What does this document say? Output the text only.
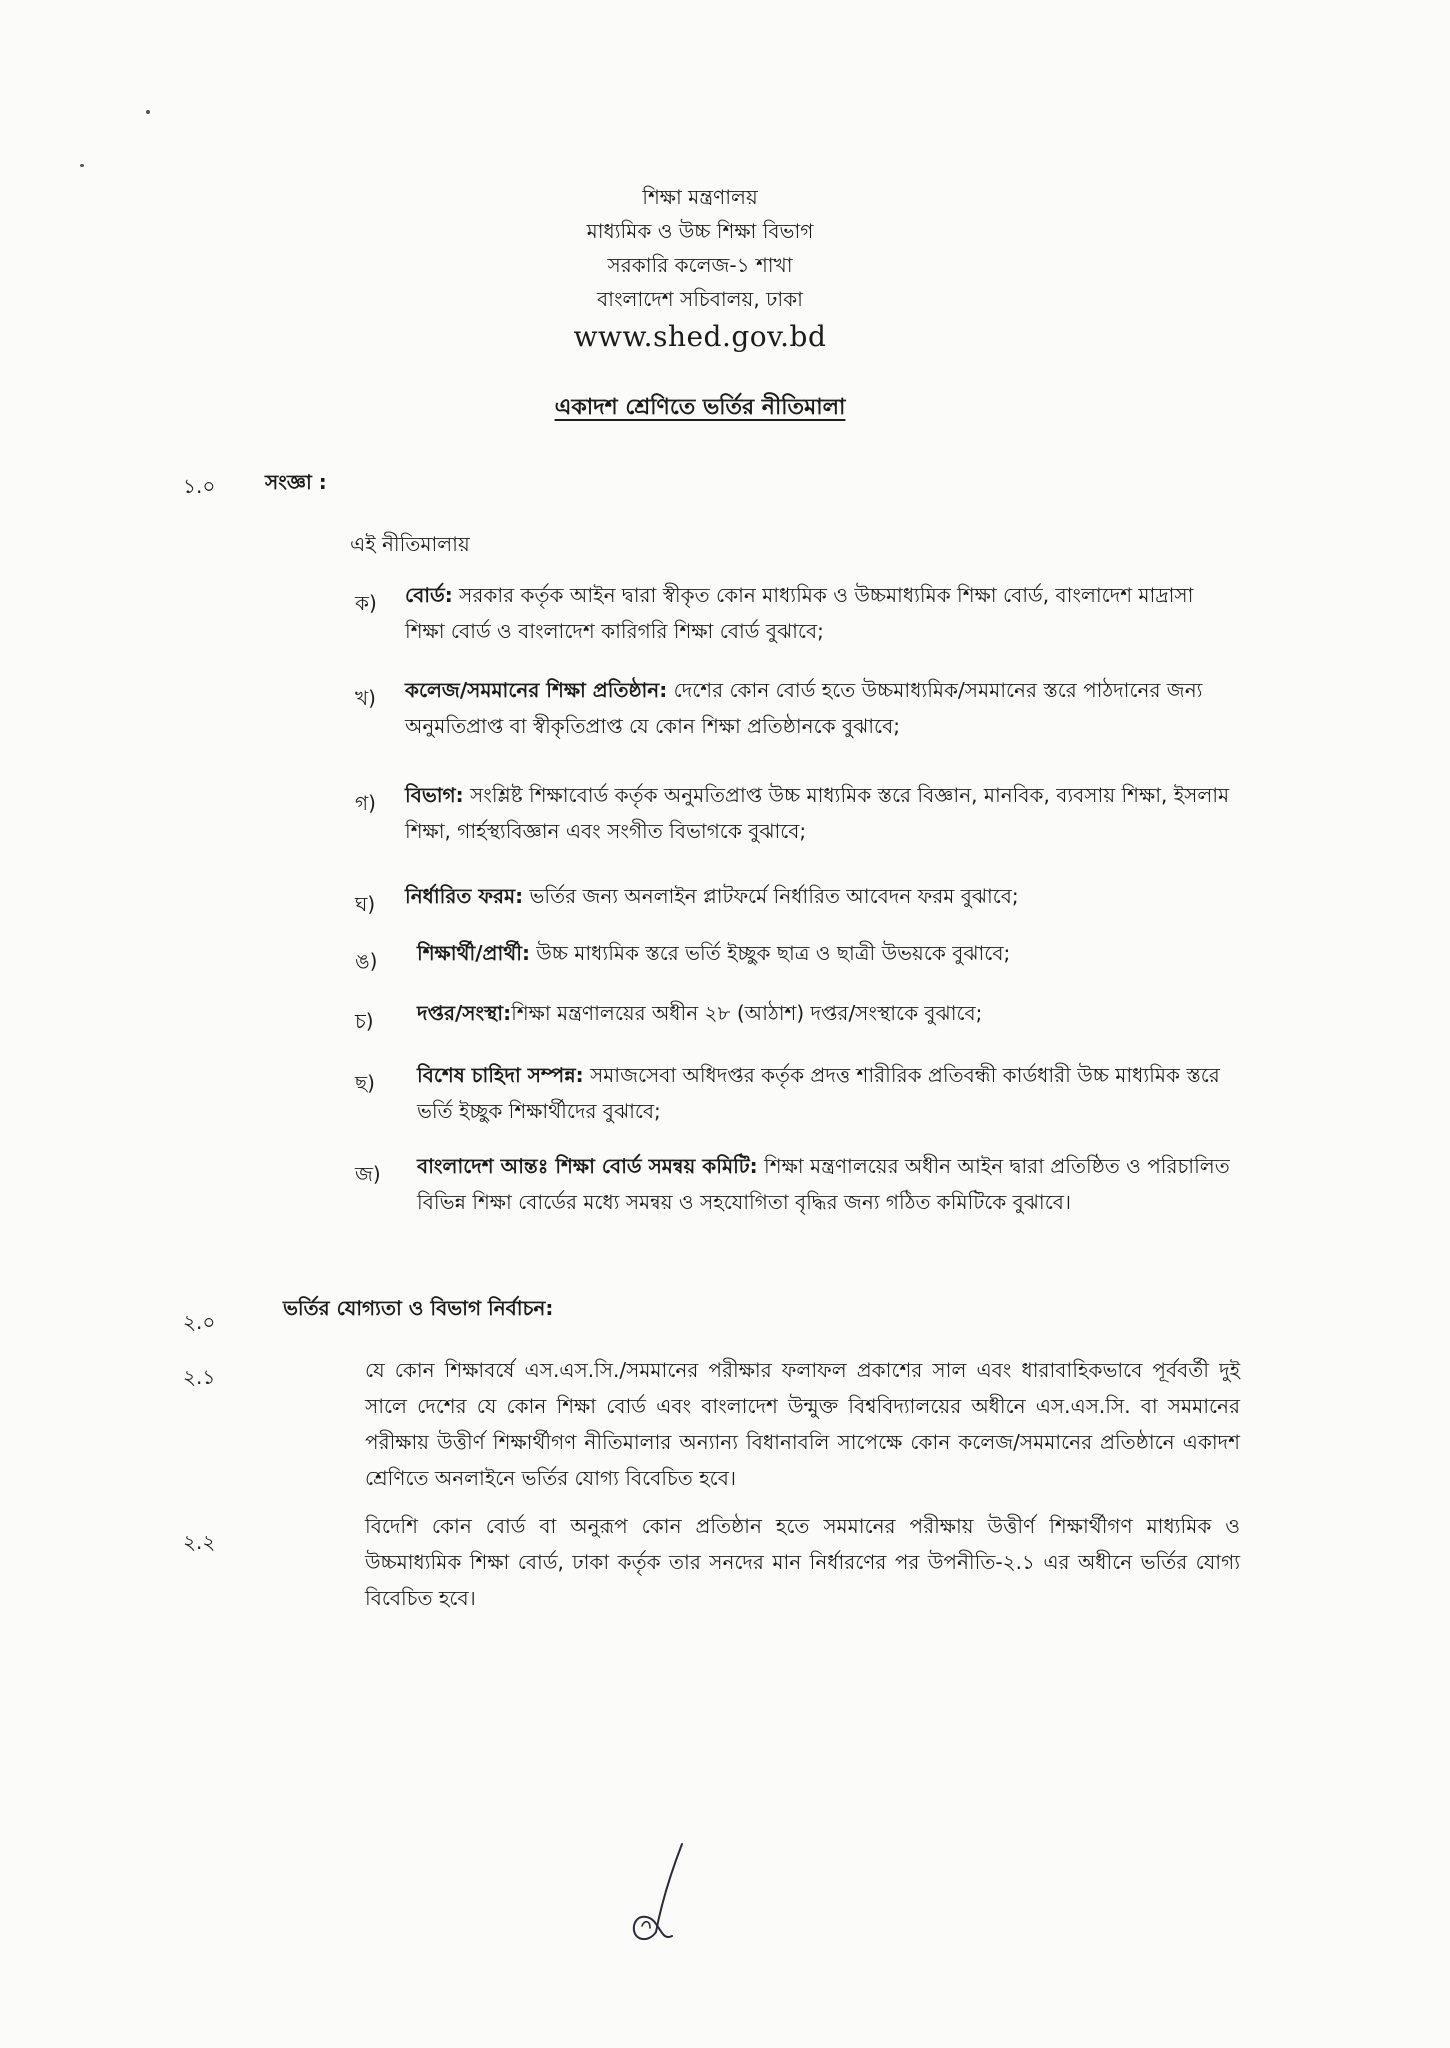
শিক্ষা মন্ত্রণালয়
মাধ্যমিক ও উচ্চ শিক্ষা বিভাগ
সরকারি কলেজ-১ শাখা
বাংলাদেশ সচিবালয়, ঢাকা
www.shed.gov.bd
একাদশ শ্রেণিতে ভর্তির নীতিমালা
১.০ সংজ্ঞা :
এই নীতিমালায়
ক) বোর্ড: সরকার কর্তৃক আইন দ্বারা স্বীকৃত কোন মাধ্যমিক ও উচ্চমাধ্যমিক শিক্ষা বোর্ড, বাংলাদেশ মাদ্রাসা শিক্ষা বোর্ড ও বাংলাদেশ কারিগরি শিক্ষা বোর্ড বুঝাবে;
খ) কলেজ/সমমানের শিক্ষা প্রতিষ্ঠান: দেশের কোন বোর্ড হতে উচ্চমাধ্যমিক/সমমানের স্তরে পাঠদানের জন্য অনুমতিপ্রাপ্ত বা স্বীকৃতিপ্রাপ্ত যে কোন শিক্ষা প্রতিষ্ঠানকে বুঝাবে;
গ) বিভাগ: সংশ্লিষ্ট শিক্ষাবোর্ড কর্তৃক অনুমতিপ্রাপ্ত উচ্চ মাধ্যমিক স্তরে বিজ্ঞান, মানবিক, ব্যবসায় শিক্ষা, ইসলাম শিক্ষা, গার্হস্থ্যবিজ্ঞান এবং সংগীত বিভাগকে বুঝাবে;
ঘ) নির্ধারিত ফরম: ভর্তির জন্য অনলাইন প্লাটফর্মে নির্ধারিত আবেদন ফরম বুঝাবে;
ঙ) শিক্ষার্থী/প্রার্থী: উচ্চ মাধ্যমিক স্তরে ভর্তি ইচ্ছুক ছাত্র ও ছাত্রী উভয়কে বুঝাবে;
চ) দপ্তর/সংস্থা:শিক্ষা মন্ত্রণালয়ের অধীন ২৮ (আঠাশ) দপ্তর/সংস্থাকে বুঝাবে;
ছ) বিশেষ চাহিদা সম্পন্ন: সমাজসেবা অধিদপ্তর কর্তৃক প্রদত্ত শারীরিক প্রতিবন্ধী কার্ডধারী উচ্চ মাধ্যমিক স্তরে ভর্তি ইচ্ছুক শিক্ষার্থীদের বুঝাবে;
জ) বাংলাদেশ আন্তঃ শিক্ষা বোর্ড সমন্বয় কমিটি: শিক্ষা মন্ত্রণালয়ের অধীন আইন দ্বারা প্রতিষ্ঠিত ও পরিচালিত বিভিন্ন শিক্ষা বোর্ডের মধ্যে সমন্বয় ও সহযোগিতা বৃদ্ধির জন্য গঠিত কমিটিকে বুঝাবে।
২.০
ভর্তির যোগ্যতা ও বিভাগ নির্বাচন:
২.১	যে কোন শিক্ষাবর্ষে এস.এস.সি./সমমানের পরীক্ষার ফলাফল প্রকাশের সাল এবং ধারাবাহিকভাবে পূর্ববর্তী দুই সালে দেশের যে কোন শিক্ষা বোর্ড এবং বাংলাদেশ উন্মুক্ত বিশ্ববিদ্যালয়ের অধীনে এস.এস.সি. বা সমমানের পরীক্ষায় উত্তীর্ণ শিক্ষার্থীগণ নীতিমালার অন্যান্য বিধানাবলি সাপেক্ষে কোন কলেজ/সমমানের প্রতিষ্ঠানে একাদশ শ্রেণিতে অনলাইনে ভর্তির যোগ্য বিবেচিত হবে।
২.২
বিদেশি কোন বোর্ড বা অনুরূপ কোন প্রতিষ্ঠান হতে সমমানের পরীক্ষায় উত্তীর্ণ শিক্ষার্থীগণ মাধ্যমিক ও উচ্চমাধ্যমিক শিক্ষা বোর্ড, ঢাকা কর্তৃক তার সনদের মান নির্ধারণের পর উপনীতি-২.১ এর অধীনে ভর্তির যোগ্য বিবেচিত হবে।
